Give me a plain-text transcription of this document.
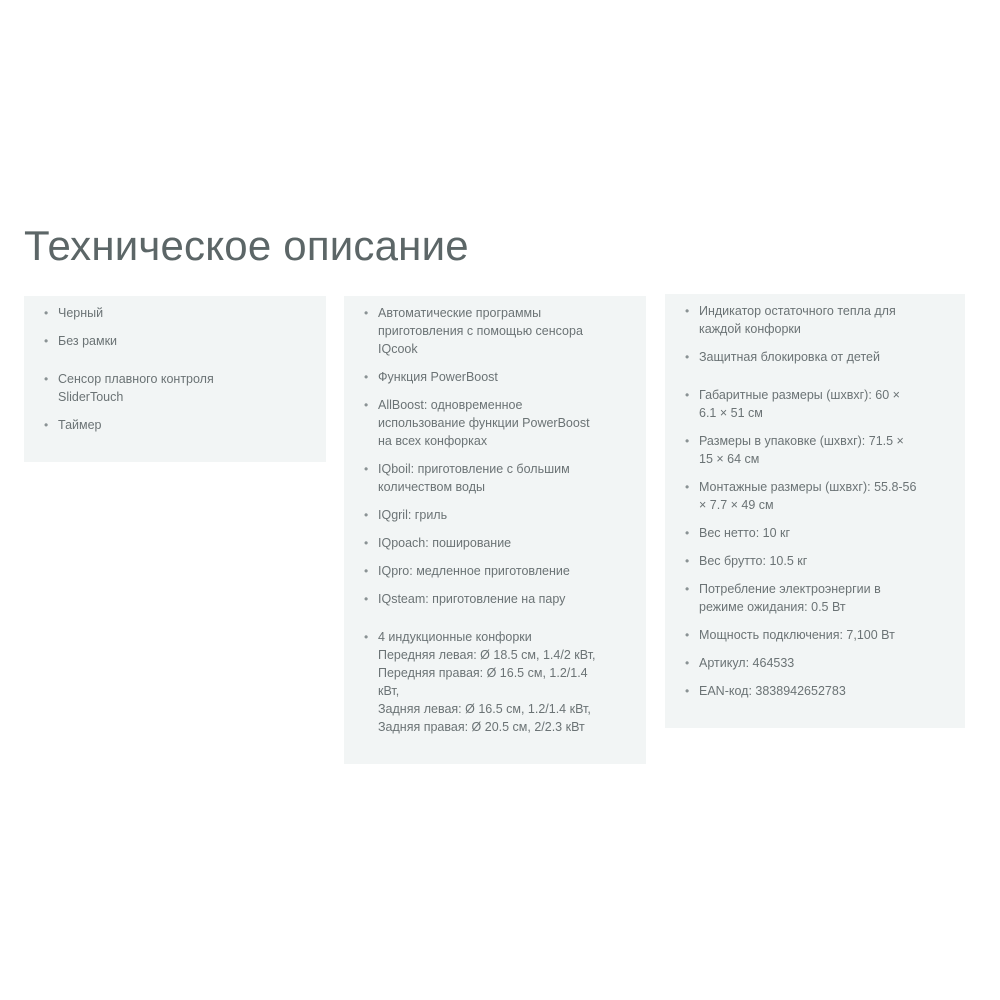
Техническое описание
• Черный
• Без рамки
• Сенсор плавного контроля
SliderTouch
• Таймер
• Автоматические программы
приготовления с помощью сенсора
IQcook
• Функция PowerBoost
• AllBoost: одновременное
использование функции PowerBoost
на всех конфорках
• IQboil: приготовление с большим
количеством воды
• IQgril: гриль
• IQpoach: поширование
• IQpro: медленное приготовление
• IQsteam: приготовление на пару
• 4 индукционные конфорки
Передняя левая: Ø 18.5 см, 1.4/2 кВт,
Передняя правая: Ø 16.5 см, 1.2/1.4
кВт,
Задняя левая: Ø 16.5 см, 1.2/1.4 кВт,
Задняя правая: Ø 20.5 см, 2/2.3 кВт
• Индикатор остаточного тепла для
каждой конфорки
• Защитная блокировка от детей
• Габаритные размеры (шхвхг): 60 ×
6.1 × 51 см
• Размеры в упаковке (шхвхг): 71.5 ×
15 × 64 см
• Монтажные размеры (шхвхг): 55.8-56
× 7.7 × 49 см
• Вес нетто: 10 кг
• Вес брутто: 10.5 кг
• Потребление электроэнергии в
режиме ожидания: 0.5 Вт
• Мощность подключения: 7,100 Вт
• Артикул: 464533
• EAN-код: 3838942652783
